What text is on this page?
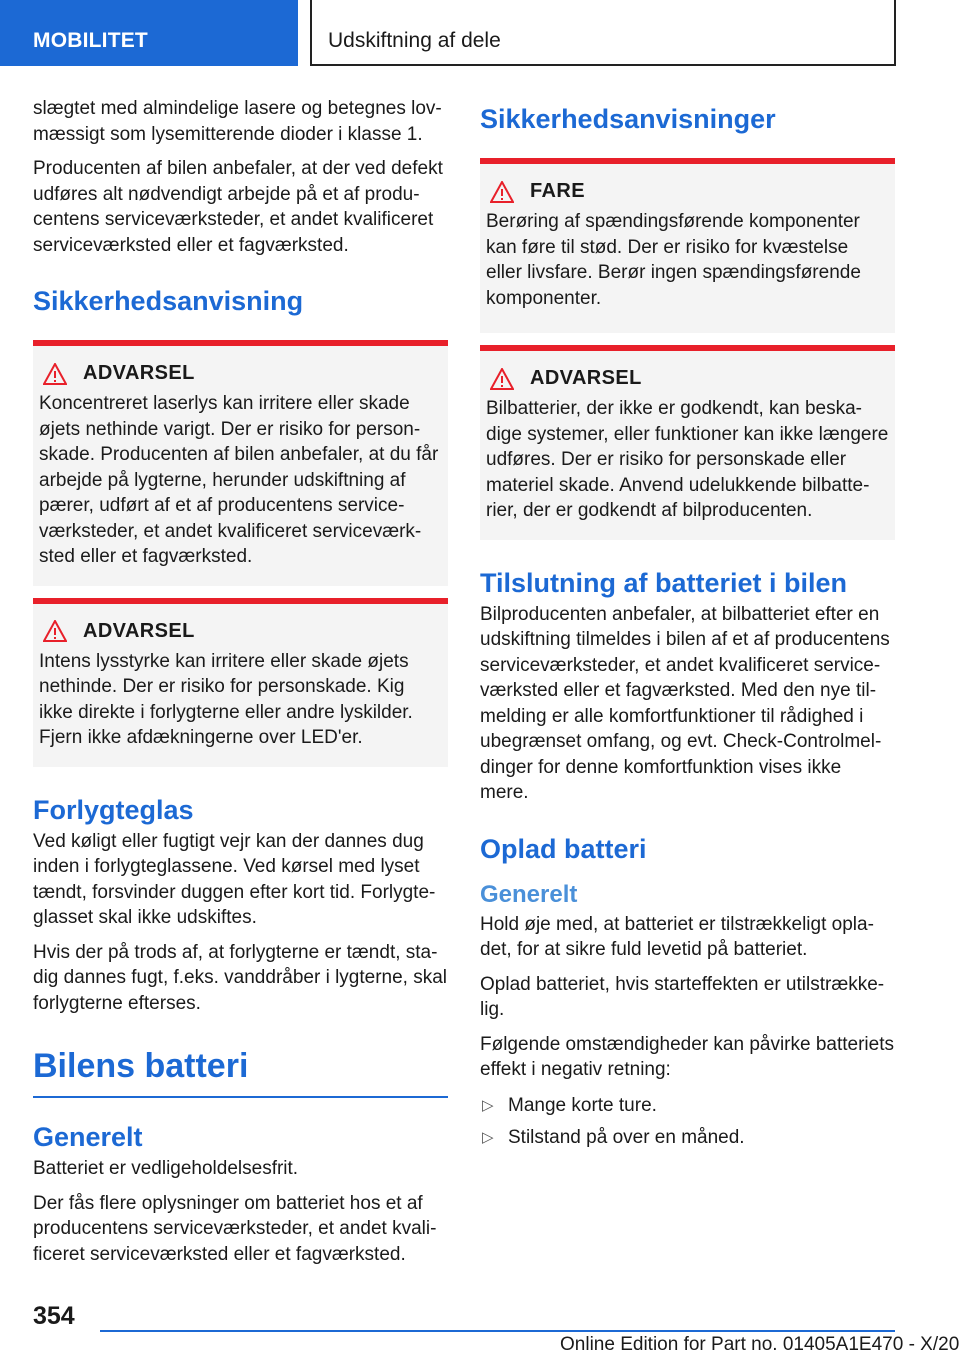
MOBILITET	Udskiftning af dele

slægtet med almindelige lasere og betegnes lovmæssigt som lysemitterende dioder i klasse 1.

Producenten af bilen anbefaler, at der ved defekt udføres alt nødvendigt arbejde på et af producentens serviceværksteder, et andet kvalificeret serviceværksted eller et fagværksted.

Sikkerhedsanvisning
ADVARSEL

Koncentreret laserlys kan irritere eller skade øjets nethinde varigt. Der er risiko for personskade. Producenten af bilen anbefaler, at du får arbejde på lygterne, herunder udskiftning af pærer, udført af et af producentens serviceværksteder, et andet kvalificeret serviceværksted eller et fagværksted.

ADVARSEL

Intens lysstyrke kan irritere eller skade øjets nethinde. Der er risiko for personskade. Kig ikke direkte i forlygterne eller andre lyskilder. Fjern ikke afdækningerne over LED'er.

Forlygteglas

Ved køligt eller fugtigt vejr kan der dannes dug inden i forlygteglassene. Ved kørsel med lyset tændt, forsvinder duggen efter kort tid. Forlygteglasset skal ikke udskiftes.

Hvis der på trods af, at forlygterne er tændt, stadig dannes fugt, f.eks. vanddråber i lygterne, skal forlygterne efterses.

Bilens batteri
Generelt

Batteriet er vedligeholdelsesfrit.

Der fås flere oplysninger om batteriet hos et af producentens serviceværksteder, et andet kvalificeret serviceværksted eller et fagværksted.

Sikkerhedsanvisninger
FARE

Berøring af spændingsførende komponenter kan føre til stød. Der er risiko for kvæstelse eller livsfare. Berør ingen spændingsførende komponenter.

ADVARSEL

Bilbatterier, der ikke er godkendt, kan beskadige systemer, eller funktioner kan ikke længere udføres. Der er risiko for personskade eller materiel skade. Anvend udelukkende bilbatterier, der er godkendt af bilproducenten.

Tilslutning af batteriet i bilen

Bilproducenten anbefaler, at bilbatteriet efter en udskiftning tilmeldes i bilen af et af producentens serviceværksteder, et andet kvalificeret serviceværksted eller et fagværksted. Med den nye tilmelding er alle komfortfunktioner til rådighed i ubegrænset omfang, og evt. Check-Controlmeldinger for denne komfortfunktion vises ikke mere.

Oplad batteri
Generelt

Hold øje med, at batteriet er tilstrækkeligt opladet, for at sikre fuld levetid på batteriet.

Oplad batteriet, hvis starteffekten er utilstrækkelig.

Følgende omstændigheder kan påvirke batteriets effekt i negativ retning:

▷ Mange korte ture.
▷ Stilstand på over en måned.
354
Online Edition for Part no. 01405A1E470 - X/20
